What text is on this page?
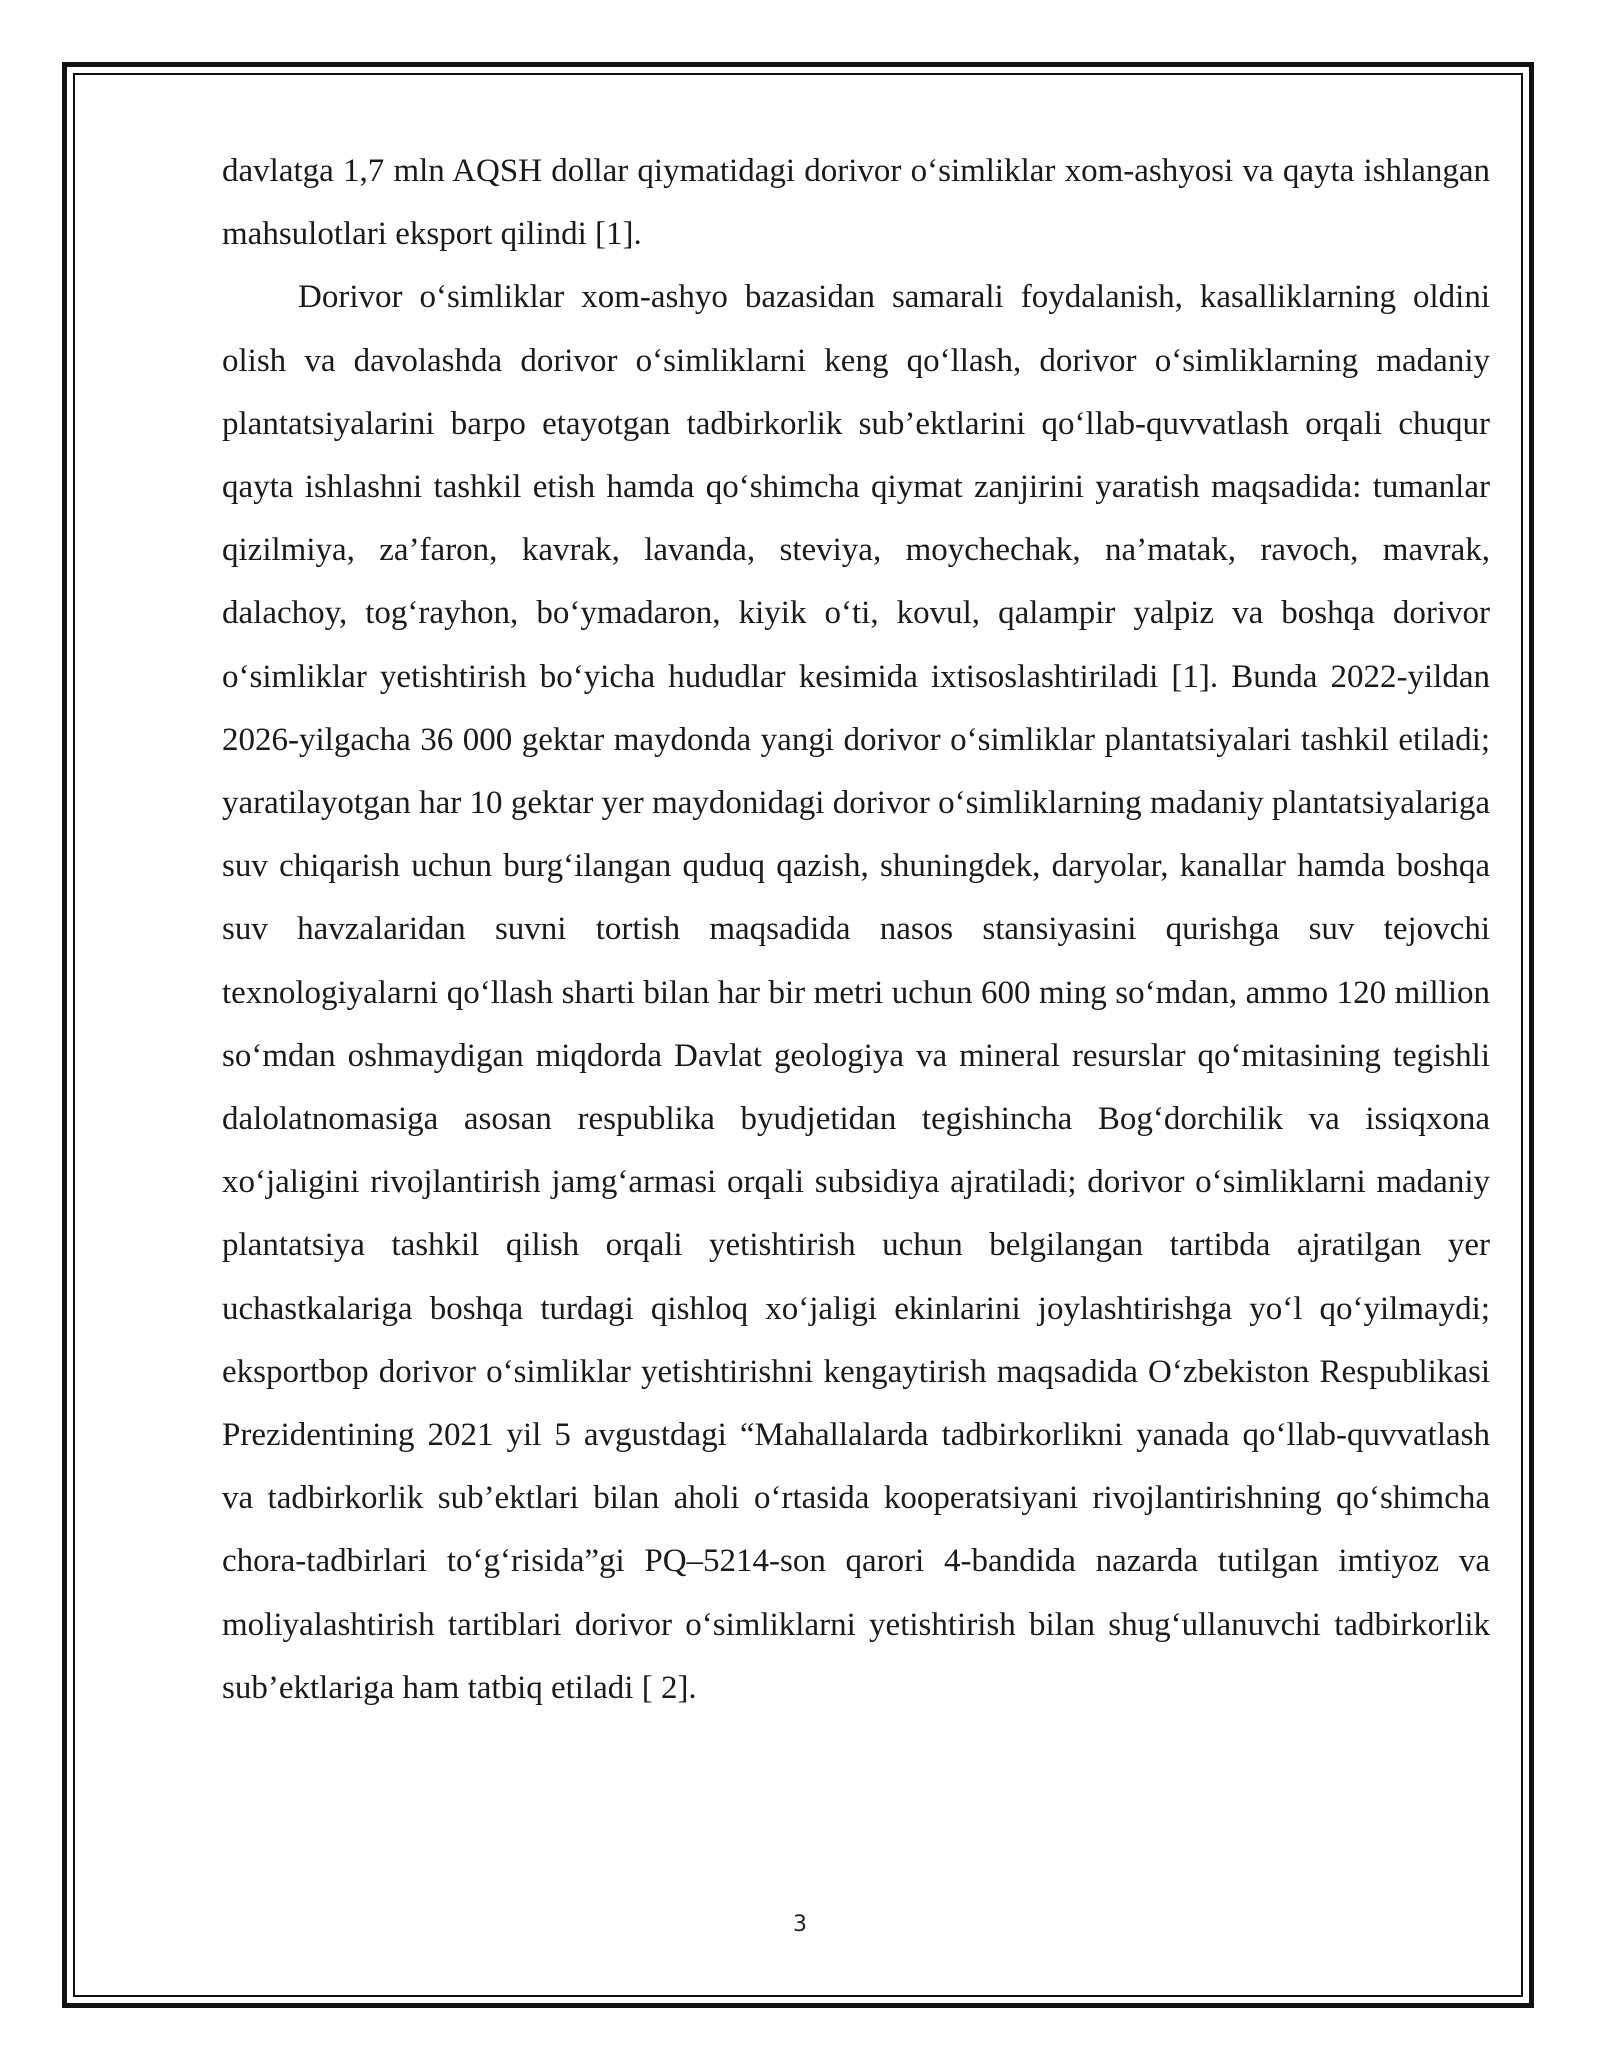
davlatga 1,7 mln AQSH dollar qiymatidagi dorivor o‘simliklar xom-ashyosi va qayta ishlangan mahsulotlari eksport qilindi [1].

Dorivor o‘simliklar xom-ashyo bazasidan samarali foydalanish, kasalliklarning oldini olish va davolashda dorivor o‘simliklarni keng qo‘llash, dorivor o‘simliklarning madaniy plantatsiyalarini barpo etayotgan tadbirkorlik sub’ektlarini qo‘llab-quvvatlash orqali chuqur qayta ishlashni tashkil etish hamda qo‘shimcha qiymat zanjirini yaratish maqsadida: tumanlar qizilmiya, za’faron, kavrak, lavanda, steviya, moychechak, na’matak, ravoch, mavrak, dalachoy, tog‘rayhon, bo‘ymadaron, kiyik o‘ti, kovul, qalampir yalpiz va boshqa dorivor o‘simliklar yetishtirish bo‘yicha hududlar kesimida ixtisoslashtiriladi [1]. Bunda 2022-yildan 2026-yilgacha 36 000 gektar maydonda yangi dorivor o‘simliklar plantatsiyalari tashkil etiladi; yaratilayotgan har 10 gektar yer maydonidagi dorivor o‘simliklarning madaniy plantatsiyalariga suv chiqarish uchun burg‘ilangan quduq qazish, shuningdek, daryolar, kanallar hamda boshqa suv havzalaridan suvni tortish maqsadida nasos stansiyasini qurishga suv tejovchi texnologiyalarni qo‘llash sharti bilan har bir metri uchun 600 ming so‘mdan, ammo 120 million so‘mdan oshmaydigan miqdorda Davlat geologiya va mineral resurslar qo‘mitasining tegishli dalolatnomasiga asosan respublika byudjetidan tegishincha Bog‘dorchilik va issiqxona xo‘jaligini rivojlantirish jamg‘armasi orqali subsidiya ajratiladi; dorivor o‘simliklarni madaniy plantatsiya tashkil qilish orqali yetishtirish uchun belgilangan tartibda ajratilgan yer uchastkalariga boshqa turdagi qishloq xo‘jaligi ekinlarini joylashtirishga yo‘l qo‘yilmaydi; eksportbop dorivor o‘simliklar yetishtirishni kengaytirish maqsadida O‘zbekiston Respublikasi Prezidentining 2021 yil 5 avgustdagi “Mahallalarda tadbirkorlikni yanada qo‘llab-quvvatlash va tadbirkorlik sub’ektlari bilan aholi o‘rtasida kooperatsiyani rivojlantirishning qo‘shimcha chora-tadbirlari to‘g‘risida”gi PQ–5214-son qarori 4-bandida nazarda tutilgan imtiyoz va moliyalashtirish tartiblari dorivor o‘simliklarni yetishtirish bilan shug‘ullanuvchi tadbirkorlik sub’ektlariga ham tatbiq etiladi [ 2].

3
